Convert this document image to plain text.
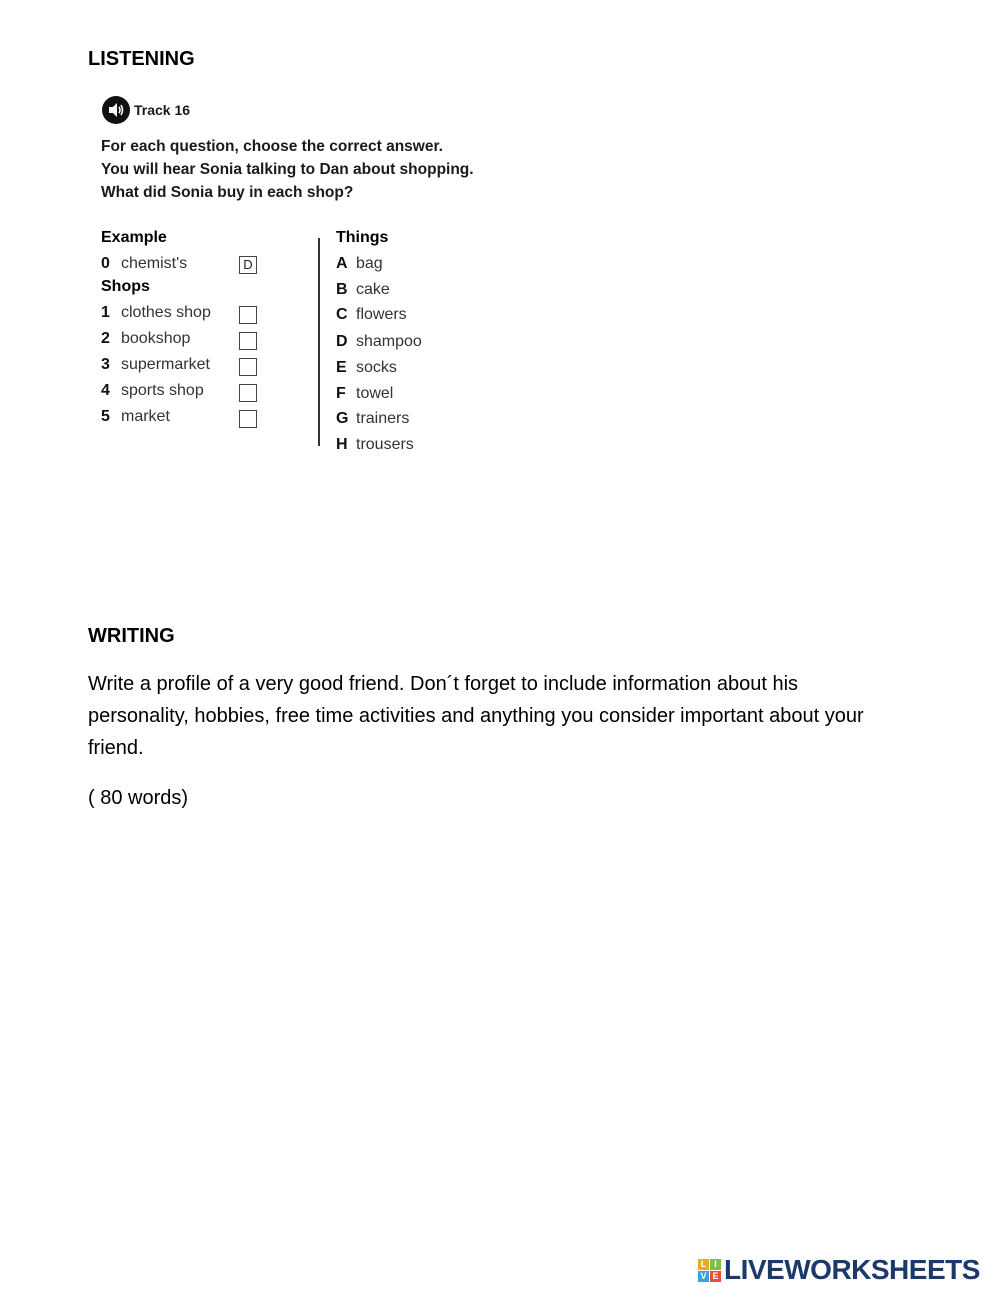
LISTENING
Track 16
For each question, choose the correct answer.
You will hear Sonia talking to Dan about shopping.
What did Sonia buy in each shop?
Example
0 chemist's	D
Shops
1 clothes shop
2 bookshop
3 supermarket
4 sports shop
5 market
Things
A bag
B cake
C flowers
D shampoo
E socks
F towel
G trainers
H trousers
WRITING
Write a profile of a very good friend. Don´t forget to include information about his
personality, hobbies, free time activities and anything you consider important about your
friend.
( 80 words)
L I
V E LIVEWORKSHEETS
